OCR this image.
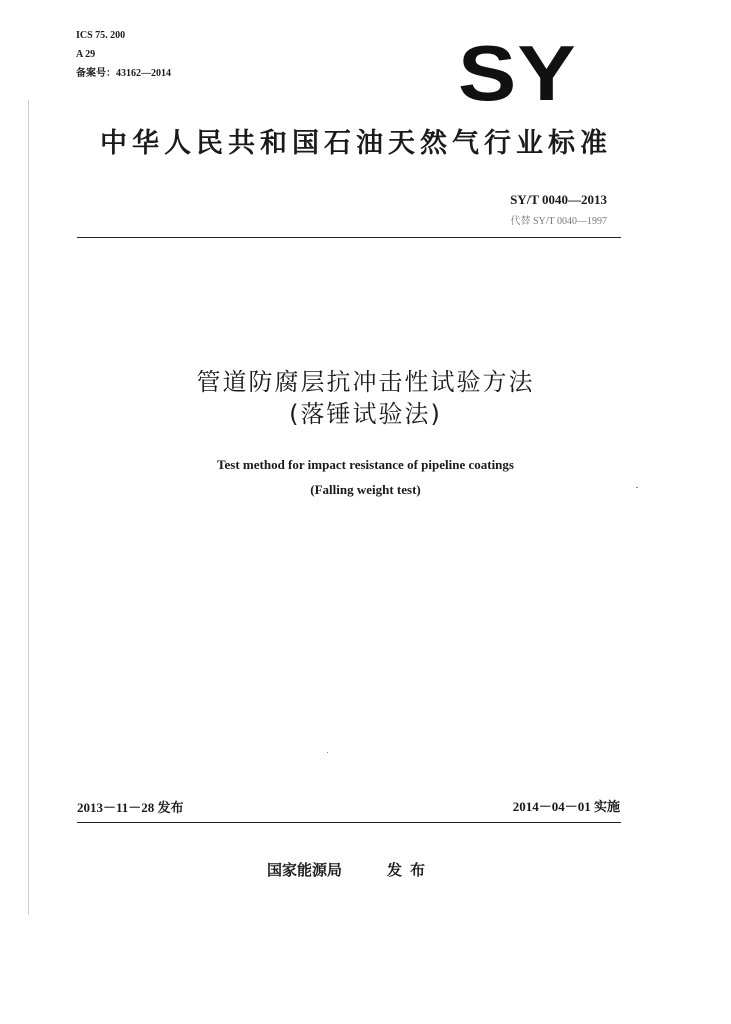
ICS 75. 200
A 29
备案号：43162—2014	SY
中华人民共和国石油天然气行业标准
SY/T 0040—2013
代替 SY/T 0040—1997
管道防腐层抗冲击性试验方法
(落锤试验法)
Test method for impact resistance of pipeline coatings
(Falling weight test)
2013－11－28 发布	2014－04－01 实施
国家能源局	发布
